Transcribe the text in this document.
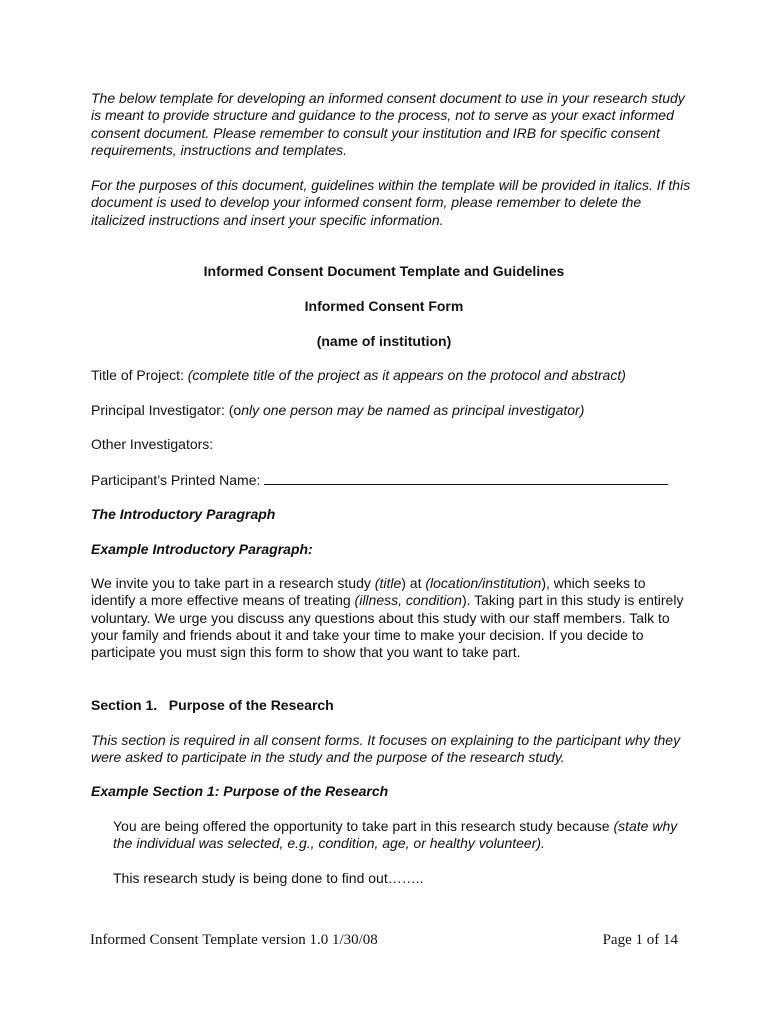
The below template for developing an informed consent document to use in your research study is meant to provide structure and guidance to the process, not to serve as your exact informed consent document. Please remember to consult your institution and IRB for specific consent requirements, instructions and templates.

For the purposes of this document, guidelines within the template will be provided in italics. If this document is used to develop your informed consent form, please remember to delete the italicized instructions and insert your specific information.

Informed Consent Document Template and Guidelines
Informed Consent Form
(name of institution)
Title of Project: (complete title of the project as it appears on the protocol and abstract)
Principal Investigator: (only one person may be named as principal investigator)
Other Investigators:
Participant’s Printed Name:
The Introductory Paragraph
Example Introductory Paragraph:

We invite you to take part in a research study (title) at (location/institution), which seeks to identify a more effective means of treating (illness, condition). Taking part in this study is entirely voluntary. We urge you discuss any questions about this study with our staff members. Talk to your family and friends about it and take your time to make your decision. If you decide to participate you must sign this form to show that you want to take part.

Section 1.   Purpose of the Research

This section is required in all consent forms. It focuses on explaining to the participant why they were asked to participate in the study and the purpose of the research study.

Example Section 1: Purpose of the Research

You are being offered the opportunity to take part in this research study because (state why the individual was selected, e.g., condition, age, or healthy volunteer).

This research study is being done to find out……..
Informed Consent Template version 1.0 1/30/08	Page 1 of 14
